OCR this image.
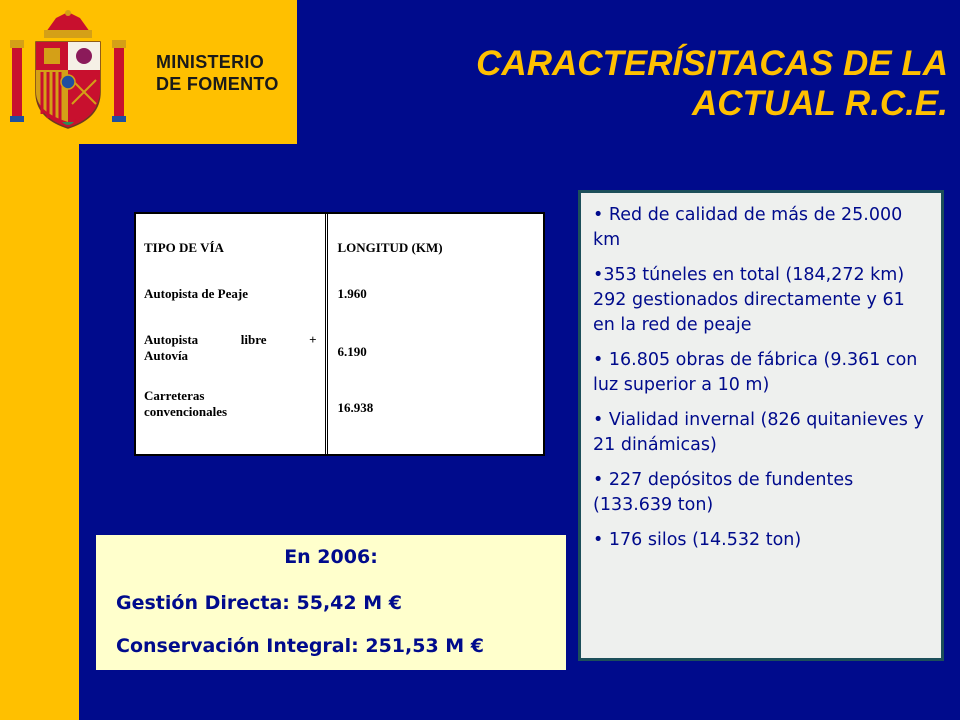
MINISTERIO
DE FOMENTO
CARACTERÍSITACAS DE LA
ACTUAL R.C.E.
TIPO DE VÍA	LONGITUD (KM)
Autopista de Peaje	1.960

Autopista libre +
Autovía	6.190

Carreteras
convencionales	16.938

• Red de calidad de más de 25.000 km

•353 túneles en total (184,272 km) 292 gestionados directamente y 61 en la red de peaje

• 16.805 obras de fábrica (9.361 con luz superior a 10 m)

• Vialidad invernal (826 quitanieves y 21 dinámicas)

• 227 depósitos de fundentes (133.639 ton)

• 176 silos (14.532 ton)

En 2006:
Gestión Directa: 55,42 M €
Conservación Integral: 251,53 M €
